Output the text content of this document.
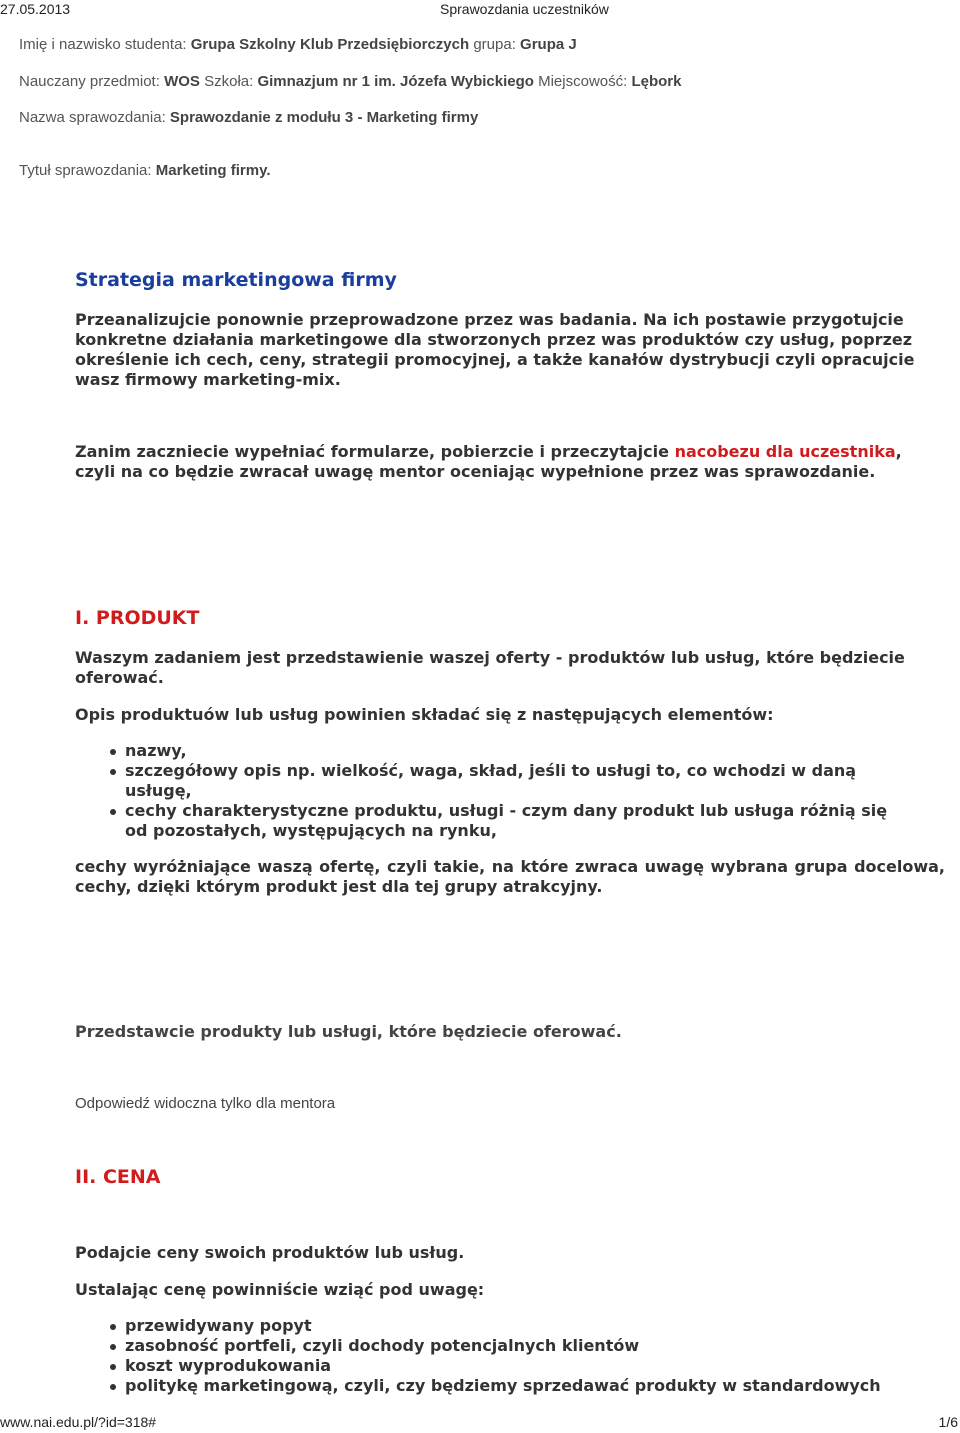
27.05.2013	Sprawozdania uczestników
Imię i nazwisko studenta: Grupa Szkolny Klub Przedsiębiorczych grupa: Grupa J
Nauczany przedmiot: WOS Szkoła: Gimnazjum nr 1 im. Józefa Wybickiego Miejscowość: Lębork
Nazwa sprawozdania: Sprawozdanie z modułu 3 - Marketing firmy
Tytuł sprawozdania: Marketing firmy.
Strategia marketingowa firmy
Przeanalizujcie ponownie przeprowadzone przez was badania. Na ich postawie przygotujcie konkretne działania marketingowe dla stworzonych przez was produktów czy usług, poprzez określenie ich cech, ceny, strategii promocyjnej, a także kanałów dystrybucji czyli opracujcie wasz firmowy marketing-mix.
Zanim zaczniecie wypełniać formularze, pobierzcie i przeczytajcie nacobezu dla uczestnika, czyli na co będzie zwracał uwagę mentor oceniając wypełnione przez was sprawozdanie.
I. PRODUKT
Waszym zadaniem jest przedstawienie waszej oferty - produktów lub usług, które będziecie oferować.
Opis produktuów lub usług powinien składać się z następujących elementów:
nazwy,
szczegółowy opis np. wielkość, waga, skład, jeśli to usługi to, co wchodzi w daną usługę,
cechy charakterystyczne produktu, usługi - czym dany produkt lub usługa różnią się od pozostałych, występujących na rynku,
cechy wyróżniające waszą ofertę, czyli takie, na które zwraca uwagę wybrana grupa docelowa, cechy, dzięki którym produkt jest dla tej grupy atrakcyjny.
Przedstawcie produkty lub usługi, które będziecie oferować.
Odpowiedź widoczna tylko dla mentora
II. CENA
Podajcie ceny swoich produktów lub usług.
Ustalając cenę powinniście wziąć pod uwagę:
przewidywany popyt
zasobność portfeli, czyli dochody potencjalnych klientów
koszt wyprodukowania
politykę marketingową, czyli, czy będziemy sprzedawać produkty w standardowych
www.nai.edu.pl/?id=318#	1/6
